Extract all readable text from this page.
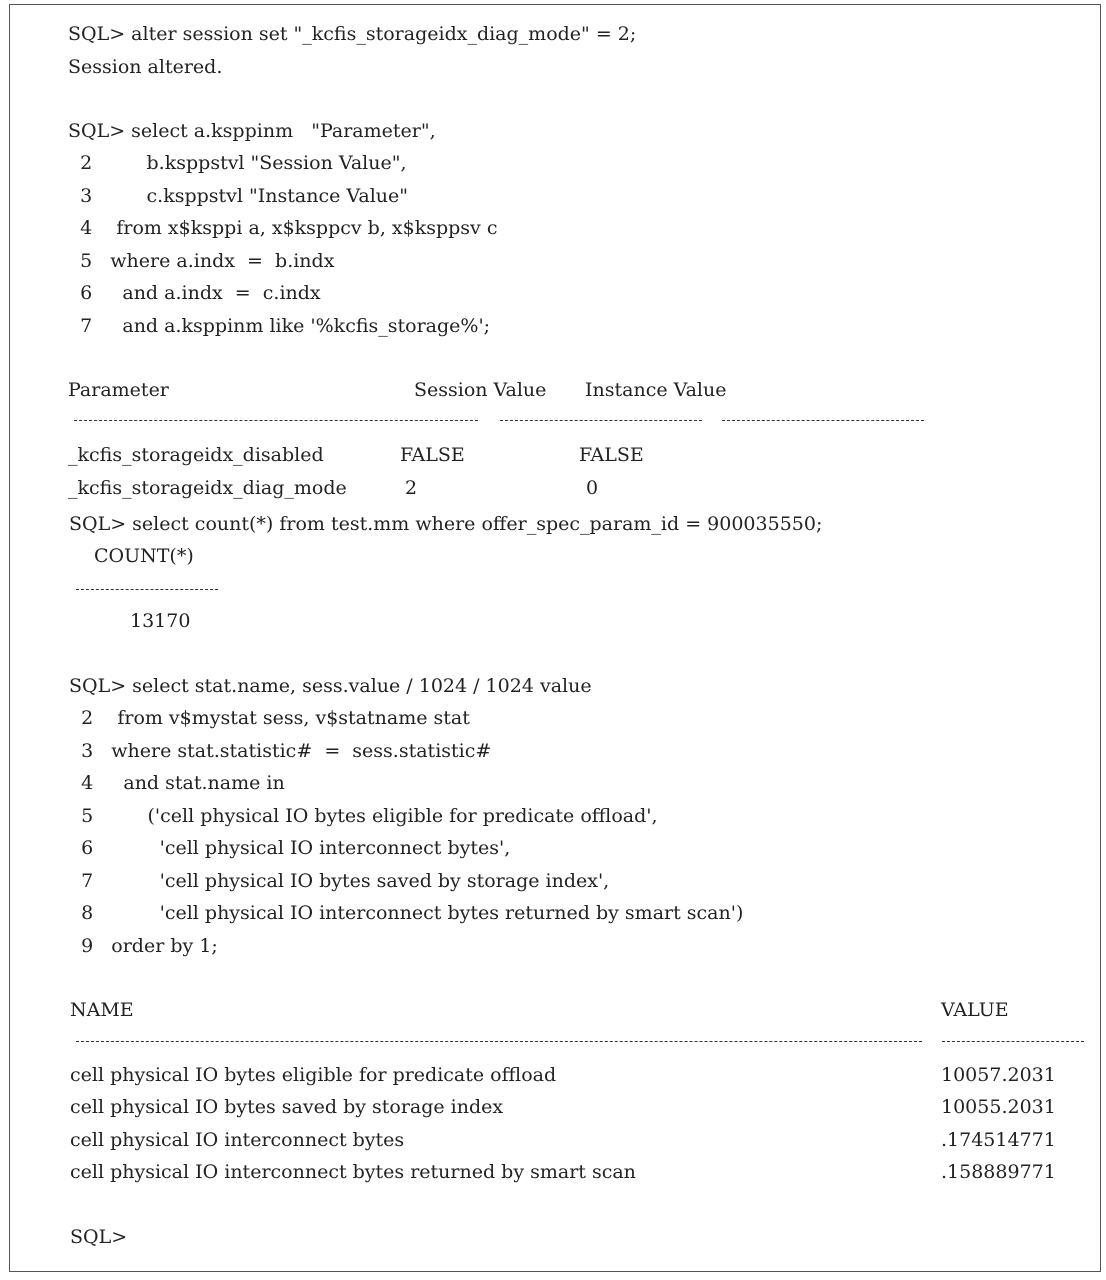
SQL> alter session set "_kcfis_storageidx_diag_mode" = 2;
Session altered.
SQL> select a.ksppinm   "Parameter",
2         b.ksppstvl "Session Value",
3         c.ksppstvl "Instance Value"
4    from x$ksppi a, x$ksppcv b, x$ksppsv c
5   where a.indx  =  b.indx
6     and a.indx  =  c.indx
7     and a.ksppinm like '%kcfis_storage%';
Parameter	Session Value Instance Value
_kcfis_storageidx_disabled	FALSE	FALSE
_kcfis_storageidx_diag_mode	2	0
SQL> select count(*) from test.mm where offer_spec_param_id = 900035550;
COUNT(*)
13170
SQL> select stat.name, sess.value / 1024 / 1024 value
2    from v$mystat sess, v$statname stat
3   where stat.statistic#  =  sess.statistic#
4     and stat.name in
5         ('cell physical IO bytes eligible for predicate offload',
6           'cell physical IO interconnect bytes',
7           'cell physical IO bytes saved by storage index',
8           'cell physical IO interconnect bytes returned by smart scan')
9   order by 1;
NAME	VALUE
cell physical IO bytes eligible for predicate offload	10057.2031
cell physical IO bytes saved by storage index	10055.2031
cell physical IO interconnect bytes	.174514771
cell physical IO interconnect bytes returned by smart scan	.158889771
SQL>
